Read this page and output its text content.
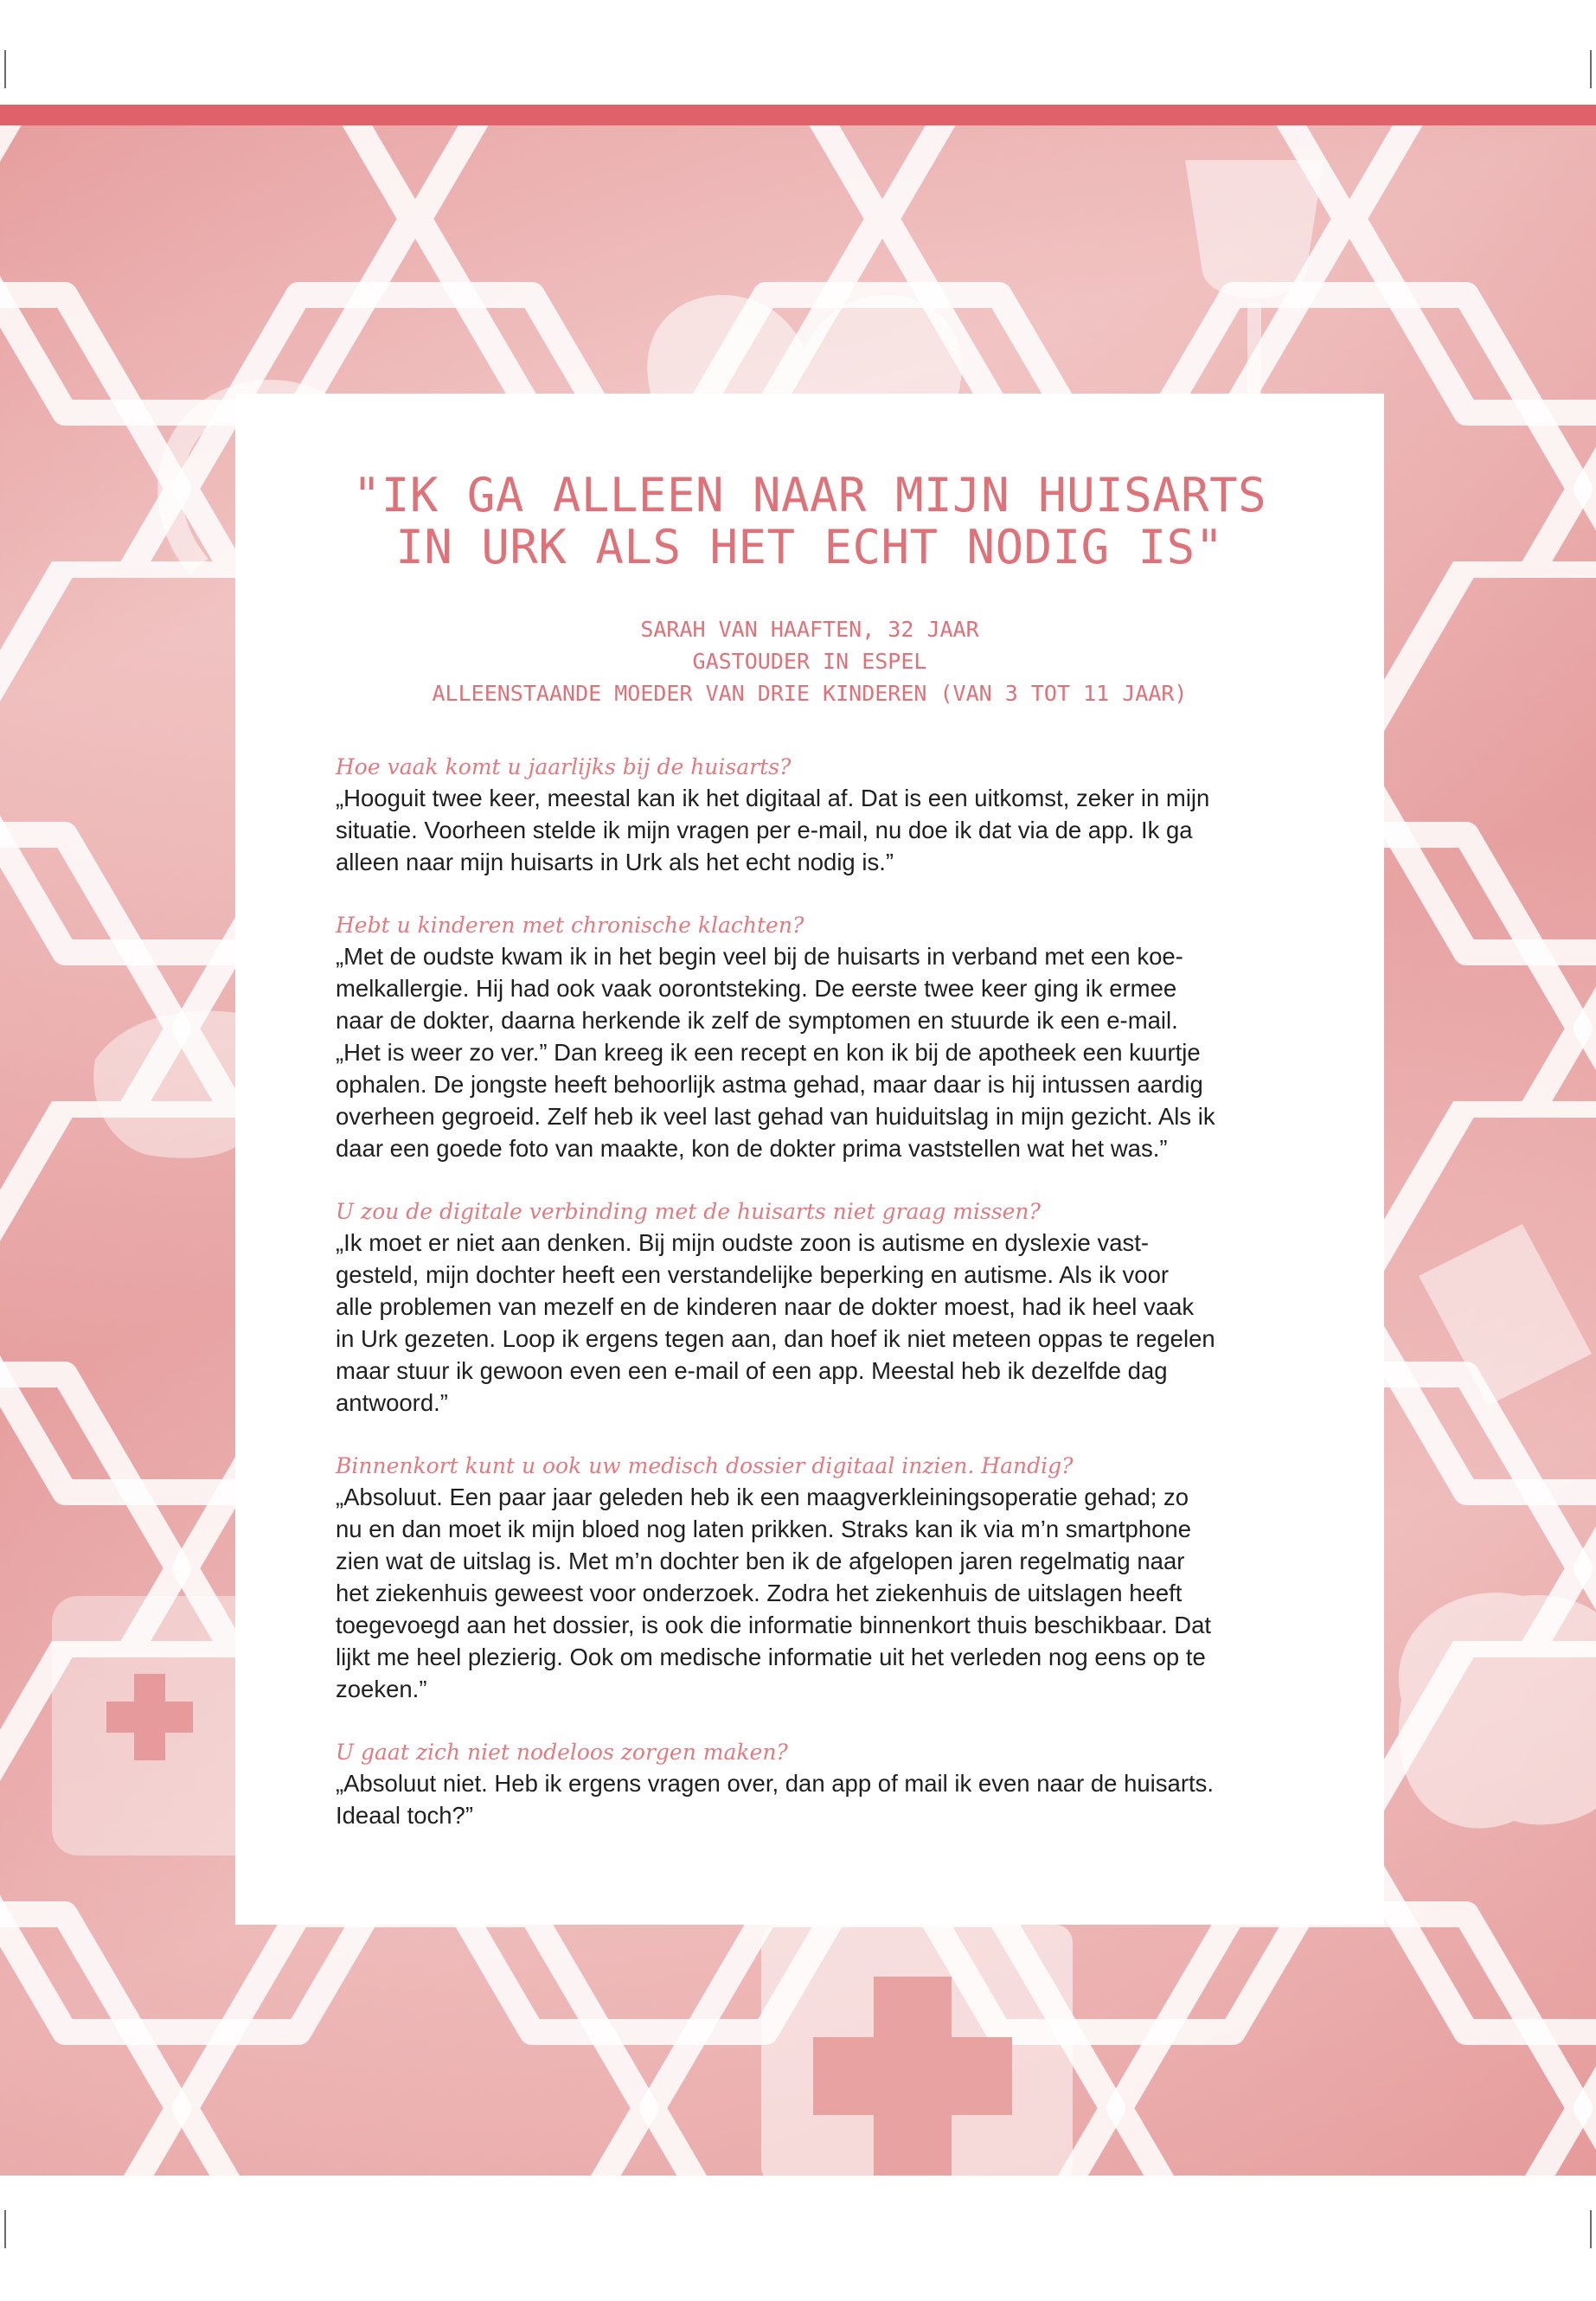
"IK GA ALLEEN NAAR MIJN HUISARTS
IN URK ALS HET ECHT NODIG IS"
SARAH VAN HAAFTEN, 32 JAAR
GASTOUDER IN ESPEL
ALLEENSTAANDE MOEDER VAN DRIE KINDEREN (VAN 3 TOT 11 JAAR)

Hoe vaak komt u jaarlijks bij de huisarts?

„Hooguit twee keer, meestal kan ik het digitaal af. Dat is een uitkomst, zeker in mijn
situatie. Voorheen stelde ik mijn vragen per e-mail, nu doe ik dat via de app. Ik ga
alleen naar mijn huisarts in Urk als het echt nodig is.”

Hebt u kinderen met chronische klachten?

„Met de oudste kwam ik in het begin veel bij de huisarts in verband met een koe-
melkallergie. Hij had ook vaak oorontsteking. De eerste twee keer ging ik ermee
naar de dokter, daarna herkende ik zelf de symptomen en stuurde ik een e-mail.
„Het is weer zo ver.” Dan kreeg ik een recept en kon ik bij de apotheek een kuurtje
ophalen. De jongste heeft behoorlijk astma gehad, maar daar is hij intussen aardig
overheen gegroeid. Zelf heb ik veel last gehad van huiduitslag in mijn gezicht. Als ik
daar een goede foto van maakte, kon de dokter prima vaststellen wat het was.”

U zou de digitale verbinding met de huisarts niet graag missen?

„Ik moet er niet aan denken. Bij mijn oudste zoon is autisme en dyslexie vast-
gesteld, mijn dochter heeft een verstandelijke beperking en autisme. Als ik voor
alle problemen van mezelf en de kinderen naar de dokter moest, had ik heel vaak
in Urk gezeten. Loop ik ergens tegen aan, dan hoef ik niet meteen oppas te regelen
maar stuur ik gewoon even een e-mail of een app. Meestal heb ik dezelfde dag
antwoord.”

Binnenkort kunt u ook uw medisch dossier digitaal inzien. Handig?

„Absoluut. Een paar jaar geleden heb ik een maagverkleiningsoperatie gehad; zo
nu en dan moet ik mijn bloed nog laten prikken. Straks kan ik via m’n smartphone
zien wat de uitslag is. Met m’n dochter ben ik de afgelopen jaren regelmatig naar
het ziekenhuis geweest voor onderzoek. Zodra het ziekenhuis de uitslagen heeft
toegevoegd aan het dossier, is ook die informatie binnenkort thuis beschikbaar. Dat
lijkt me heel plezierig. Ook om medische informatie uit het verleden nog eens op te
zoeken.”

U gaat zich niet nodeloos zorgen maken?

„Absoluut niet. Heb ik ergens vragen over, dan app of mail ik even naar de huisarts.
Ideaal toch?”
